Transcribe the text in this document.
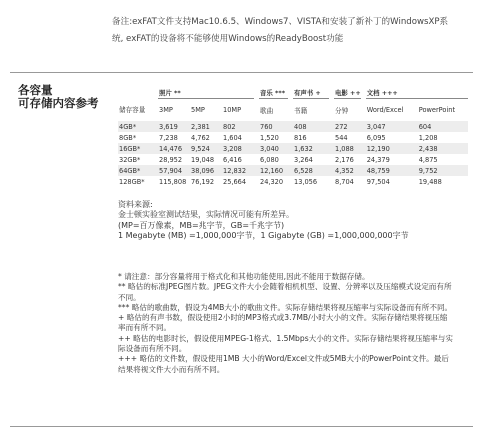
备注:exFAT文件支持Mac10.6.5、Windows7、VISTA和安装了新补丁的WindowsXP系统, exFAT的设备将不能够使用Windows的ReadyBoost功能
各容量
可存储内容参考
	照片 **				音乐 ***		有声书 +		电影 ++		文档 +++	
储存容量	3MP	5MP	10MP		歌曲		书籍		分钟		Word/Excel	PowerPoint
4GB*	3,619	2,381	802		760		408		272		3,047	604
8GB*	7,238	4,762	1,604		1,520		816		544		6,095	1,208
16GB*	14,476	9,524	3,208		3,040		1,632		1,088		12,190	2,438
32GB*	28,952	19,048	6,416		6,080		3,264		2,176		24,379	4,875
64GB*	57,904	38,096	12,832		12,160		6,528		4,352		48,759	9,752
128GB*	115,808	76,192	25,664		24,320		13,056		8,704		97,504	19,488

资料来源:

金士顿实验室测试结果，实际情况可能有所差异。

(MP=百万像素，MB=兆字节，GB=千兆字节)

1 Megabyte (MB) =1,000,000字节，1 Gigabyte (GB) =1,000,000,000字节

* 请注意：部分容量将用于格式化和其他功能使用,因此不能用于数据存储。

** 略估的标准JPEG图片数。JPEG文件大小会随着相机机型、设置、分辨率以及压缩模式设定而有所不同。

*** 略估的歌曲数，假设为4MB大小的歌曲文件。实际存储结果将视压缩率与实际设备而有所不同。

+ 略估的有声书数，假设使用2小时的MP3格式或3.7MB/小时大小的文件。实际存储结果将视压缩率而有所不同。

++ 略估的电影时长，假设使用MPEG-1格式、1.5Mbps大小的文件。实际存储结果将视压缩率与实际设备而有所不同。

+++ 略估的文件数，假设使用1MB 大小的Word/Excel文件或5MB大小的PowerPoint文件。最后结果将视文件大小而有所不同。
